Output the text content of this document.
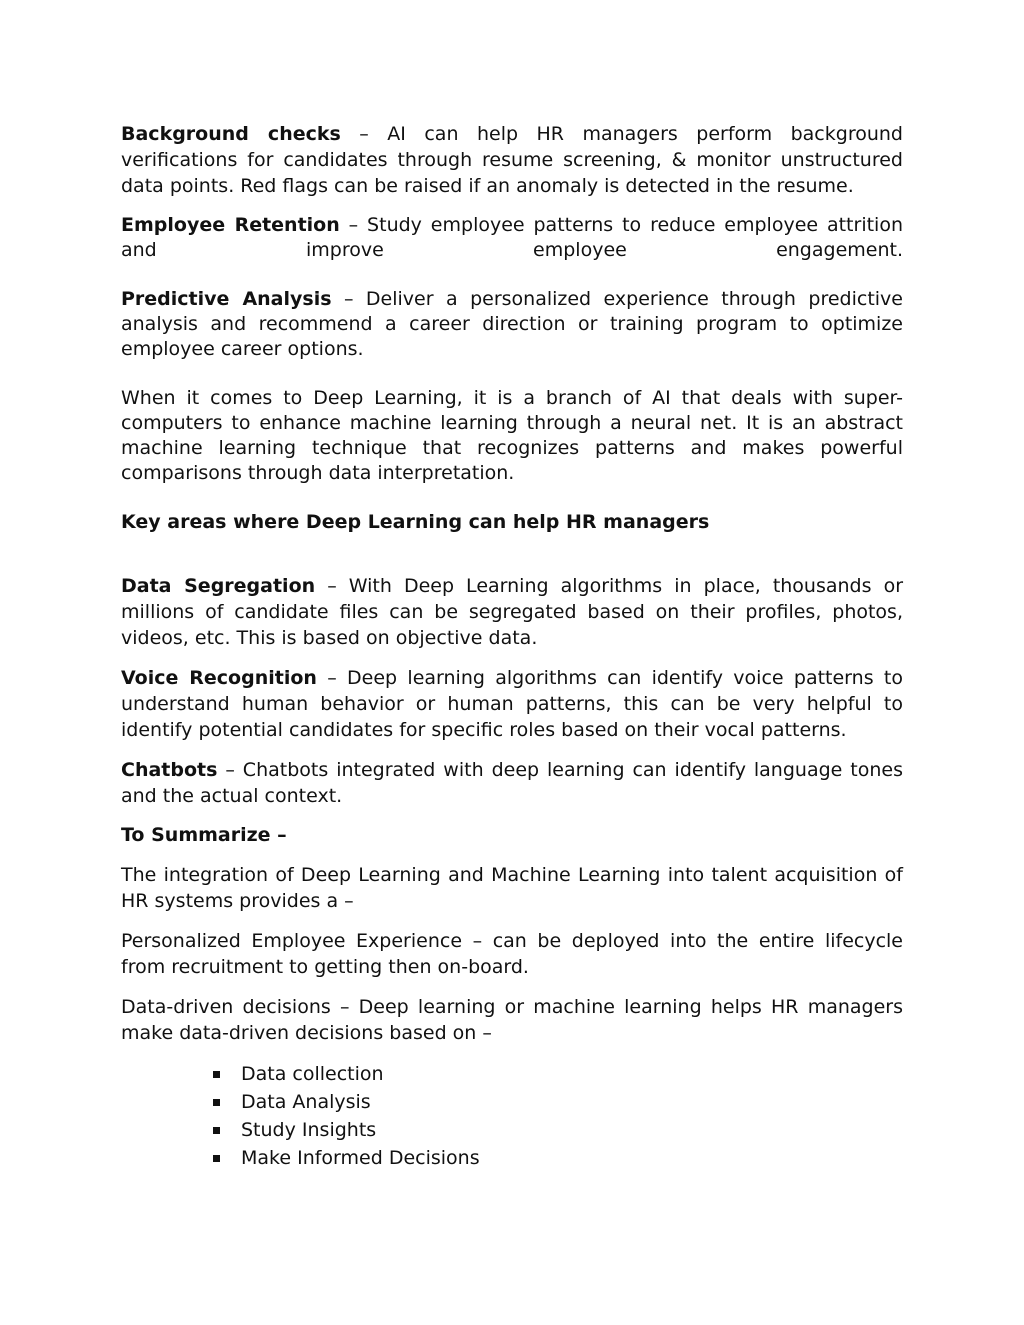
Background checks – AI can help HR managers perform background verifications for candidates through resume screening, & monitor unstructured data points. Red flags can be raised if an anomaly is detected in the resume.

Employee Retention – Study employee patterns to reduce employee attrition and improve employee engagement.

Predictive Analysis – Deliver a personalized experience through predictive analysis and recommend a career direction or training program to optimize employee career options.

When it comes to Deep Learning, it is a branch of AI that deals with super-computers to enhance machine learning through a neural net. It is an abstract machine learning technique that recognizes patterns and makes powerful comparisons through data interpretation.

Key areas where Deep Learning can help HR managers

Data Segregation – With Deep Learning algorithms in place, thousands or millions of candidate files can be segregated based on their profiles, photos, videos, etc. This is based on objective data.

Voice Recognition – Deep learning algorithms can identify voice patterns to understand human behavior or human patterns, this can be very helpful to identify potential candidates for specific roles based on their vocal patterns.

Chatbots – Chatbots integrated with deep learning can identify language tones and the actual context.

To Summarize –

The integration of Deep Learning and Machine Learning into talent acquisition of HR systems provides a –

Personalized Employee Experience – can be deployed into the entire lifecycle from recruitment to getting then on-board.

Data-driven decisions – Deep learning or machine learning helps HR managers make data-driven decisions based on –

Data collection
Data Analysis
Study Insights
Make Informed Decisions
